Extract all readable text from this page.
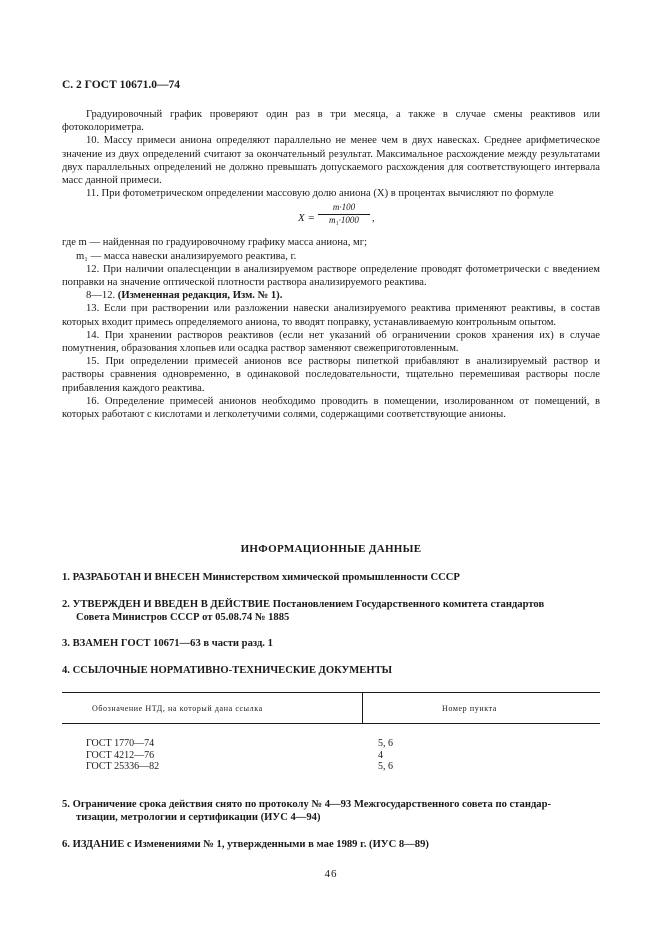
С. 2 ГОСТ 10671.0—74

Градуировочный график проверяют один раз в три месяца, а также в случае смены реактивов или фотоколориметра.

10. Массу примеси аниона определяют параллельно не менее чем в двух навесках. Среднее арифметическое значение из двух определений считают за окончательный результат. Максимальное расхождение между результатами двух параллельных определений не должно превышать допускаемого расхождения для соответствующего интервала масс данной примеси.

11. При фотометрическом определении массовую долю аниона (X) в процентах вычисляют по формуле

$X = \frac{m\cdot 100}{\text{m₁·1000}}$ ,

где m — найденная по градуировочному графику масса аниона, мг;

m₁ — масса навески анализируемого реактива, г.

12. При наличии опалесценции в анализируемом растворе определение проводят фотометрически с введением поправки на значение оптической плотности раствора анализируемого реактива.

8—12. (Измененная редакция, Изм. № 1).

13. Если при растворении или разложении навески анализируемого реактива применяют реактивы, в состав которых входит примесь определяемого аниона, то вводят поправку, устанавливаемую контрольным опытом.

14. При хранении растворов реактивов (если нет указаний об ограничении сроков хранения их) в случае помутнения, образования хлопьев или осадка раствор заменяют свежеприготовленным.

15. При определении примесей анионов все растворы пипеткой прибавляют в анализируемый раствор и растворы сравнения одновременно, в одинаковой последовательности, тщательно перемешивая растворы после прибавления каждого реактива.

16. Определение примесей анионов необходимо проводить в помещении, изолированном от помещений, в которых работают с кислотами и легколетучими солями, содержащими соответствующие анионы.

ИНФОРМАЦИОННЫЕ ДАННЫЕ
1. РАЗРАБОТАН И ВНЕСЕН Министерством химической промышленности СССР
2. УТВЕРЖДЕН И ВВЕДЕН В ДЕЙСТВИЕ Постановлением Государственного комитета стандартов
Совета Министров СССР от 05.08.74 № 1885
3. ВЗАМЕН ГОСТ 10671—63 в части разд. 1
4. ССЫЛОЧНЫЕ НОРМАТИВНО-ТЕХНИЧЕСКИЕ ДОКУМЕНТЫ
Обозначение НТД, на который дана ссылка	Номер пункта
ГОСТ 1770—74	5, 6
ГОСТ 4212—76	4
ГОСТ 25336—82	5, 6
5. Ограничение срока действия снято по протоколу № 4—93 Межгосударственного совета по стандар-
тизации, метрологии и сертификации (ИУС 4—94)
6. ИЗДАНИЕ с Изменениями № 1, утвержденными в мае 1989 г. (ИУС 8—89)
46
